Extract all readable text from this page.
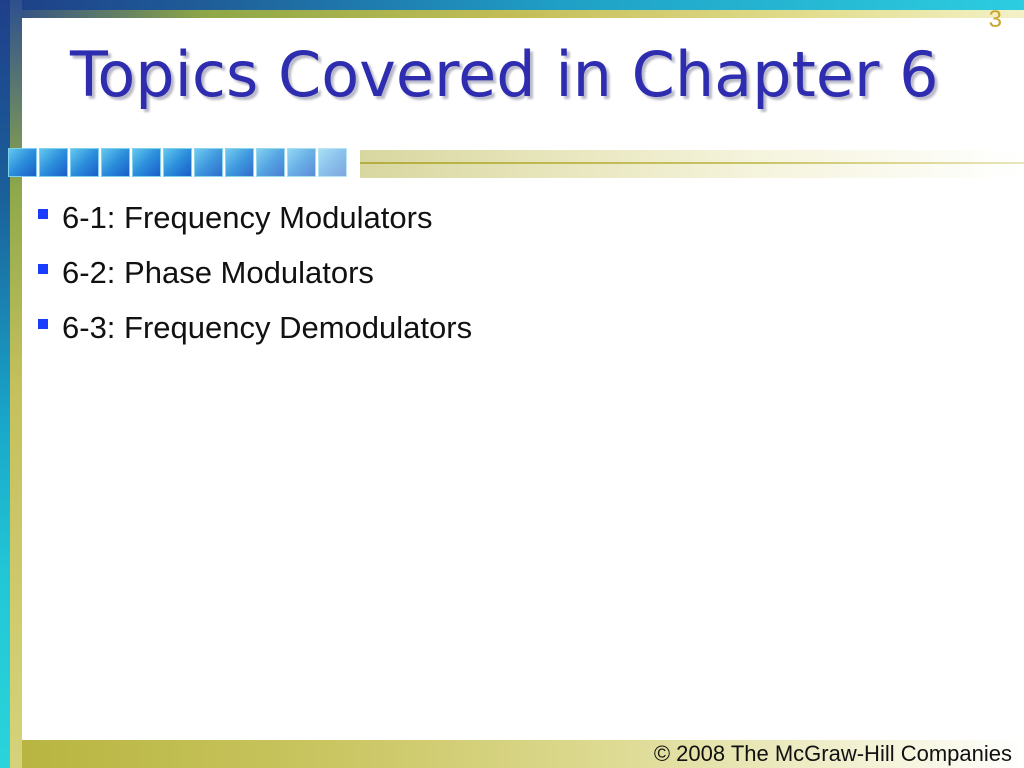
3
Topics Covered in Chapter 6
6-1: Frequency Modulators
6-2: Phase Modulators
6-3: Frequency Demodulators
© 2008 The McGraw-Hill Companies
